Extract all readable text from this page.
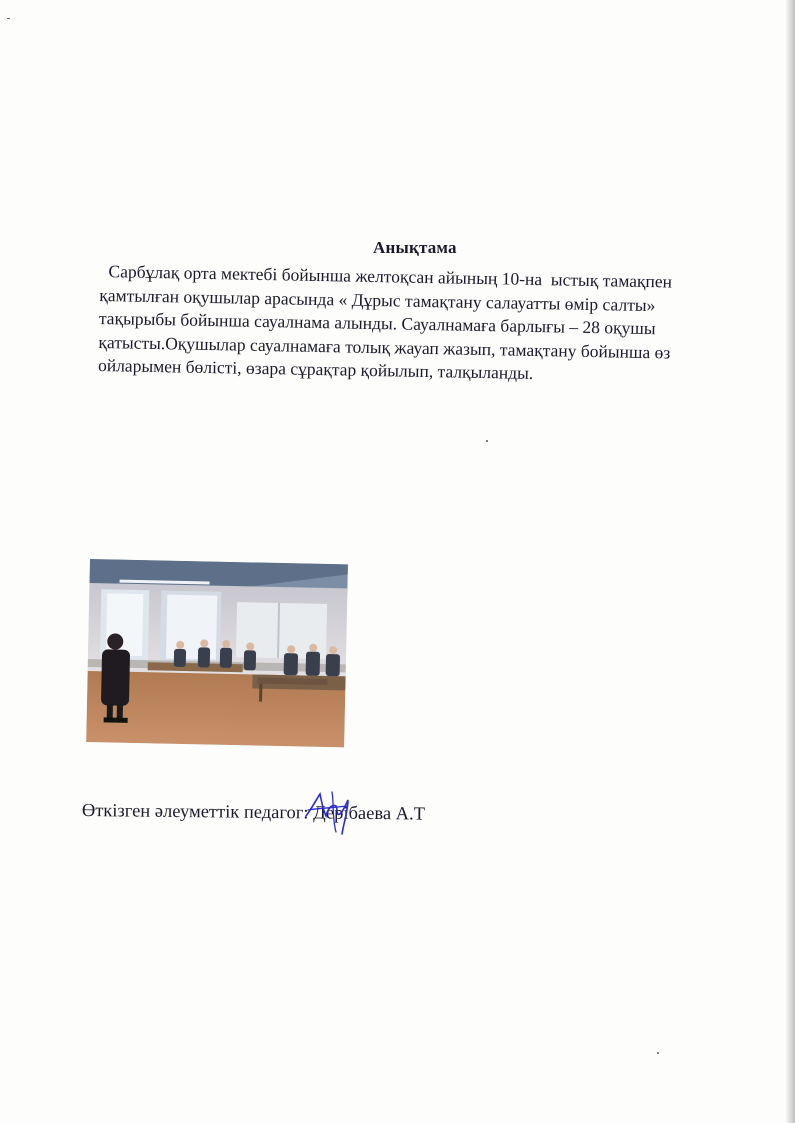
Анықтама
Сарбұлақ орта мектебі бойынша желтоқсан айының 10-на  ыстық тамақпен
қамтылған оқушылар арасында « Дұрыс тамақтану салауатты өмір салты»
тақырыбы бойынша сауалнама алынды. Сауалнамаға барлығы – 28 оқушы
қатысты.Оқушылар сауалнамаға толық жауап жазып, тамақтану бойынша өз
ойларымен бөлісті, өзара сұрақтар қойылып, талқыланды.
Өткізген әлеуметтік педагог: Дерібаева А.Т
